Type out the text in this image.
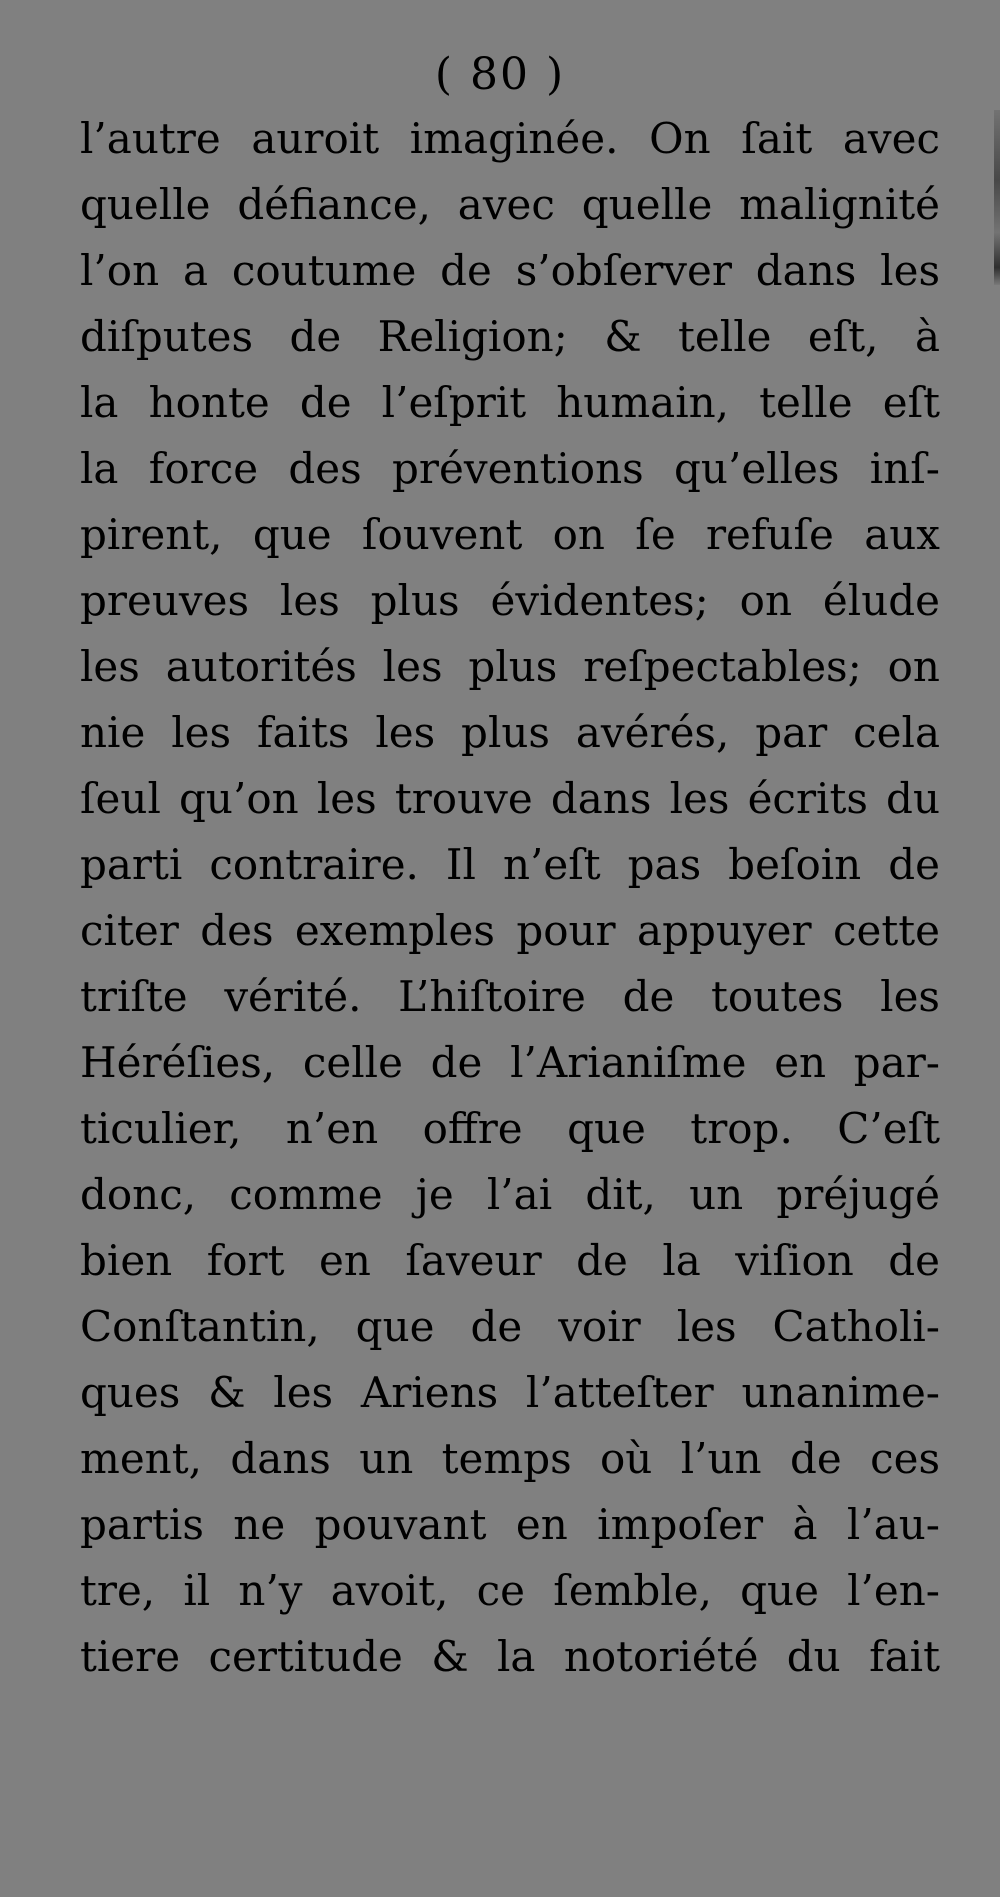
( 80 )
l’autre auroit imaginée. On ſait avec
quelle défiance, avec quelle malignité
l’on a coutume de s’obſerver dans les
diſputes de Religion; & telle eſt, à
la honte de l’eſprit humain, telle eſt
la force des préventions qu’elles inſ-
pirent, que ſouvent on ſe refuſe aux
preuves les plus évidentes; on élude
les autorités les plus reſpectables; on
nie les faits les plus avérés, par cela
ſeul qu’on les trouve dans les écrits du
parti contraire. Il n’eſt pas beſoin de
citer des exemples pour appuyer cette
triſte vérité. L’hiſtoire de toutes les
Héréſies, celle de l’Arianiſme en par-
ticulier, n’en offre que trop. C’eſt
donc, comme je l’ai dit, un préjugé
bien fort en ſaveur de la viſion de
Conſtantin, que de voir les Catholi-
ques & les Ariens l’atteſter unanime-
ment, dans un temps où l’un de ces
partis ne pouvant en impoſer à l’au-
tre, il n’y avoit, ce ſemble, que l’en-
tiere certitude & la notoriété du fait
